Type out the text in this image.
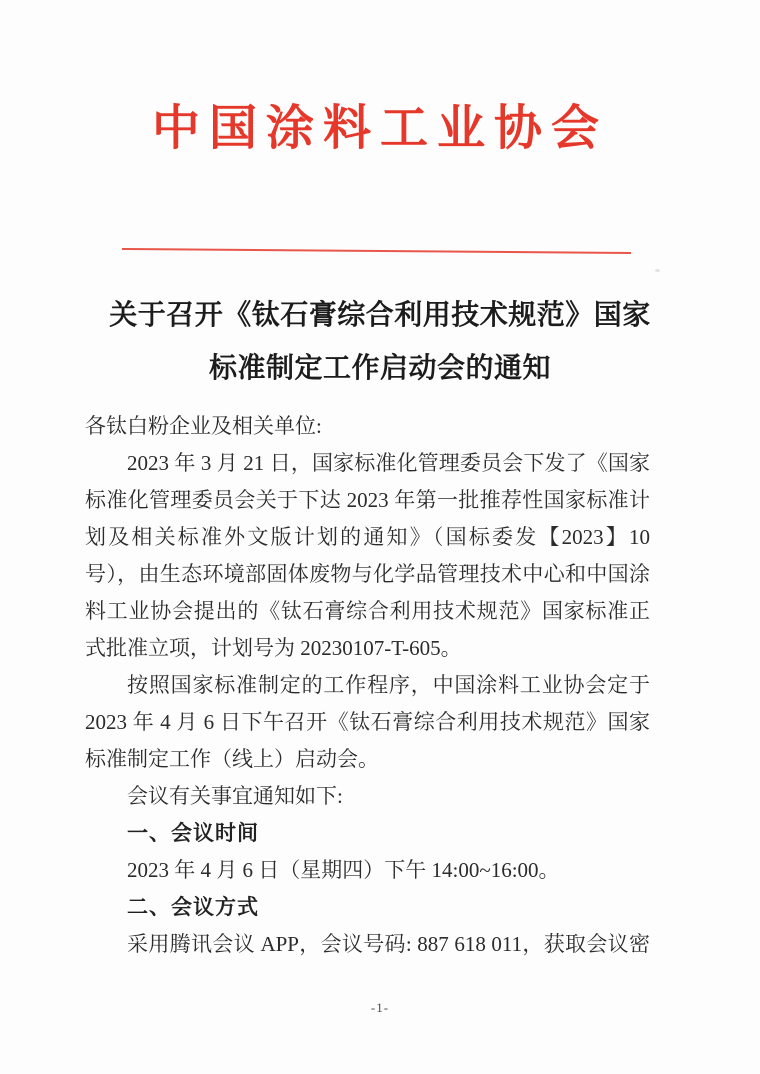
中国涂料工业协会
关于召开《钛石膏综合利用技术规范》国家
标准制定工作启动会的通知

各钛白粉企业及相关单位:

2023 年 3 月 21 日，国家标准化管理委员会下发了《国家标准化管理委员会关于下达 2023 年第一批推荐性国家标准计划及相关标准外文版计划的通知》（国标委发【2023】10 号），由生态环境部固体废物与化学品管理技术中心和中国涂料工业协会提出的《钛石膏综合利用技术规范》国家标准正式批准立项，计划号为 20230107-T-605。

按照国家标准制定的工作程序，中国涂料工业协会定于 2023 年 4 月 6 日下午召开《钛石膏综合利用技术规范》国家标准制定工作（线上）启动会。

会议有关事宜通知如下:

一、会议时间

2023 年 4 月 6 日（星期四）下午 14:00~16:00。

二、会议方式

采用腾讯会议 APP，会议号码: 887 618 011，获取会议密

-1-
